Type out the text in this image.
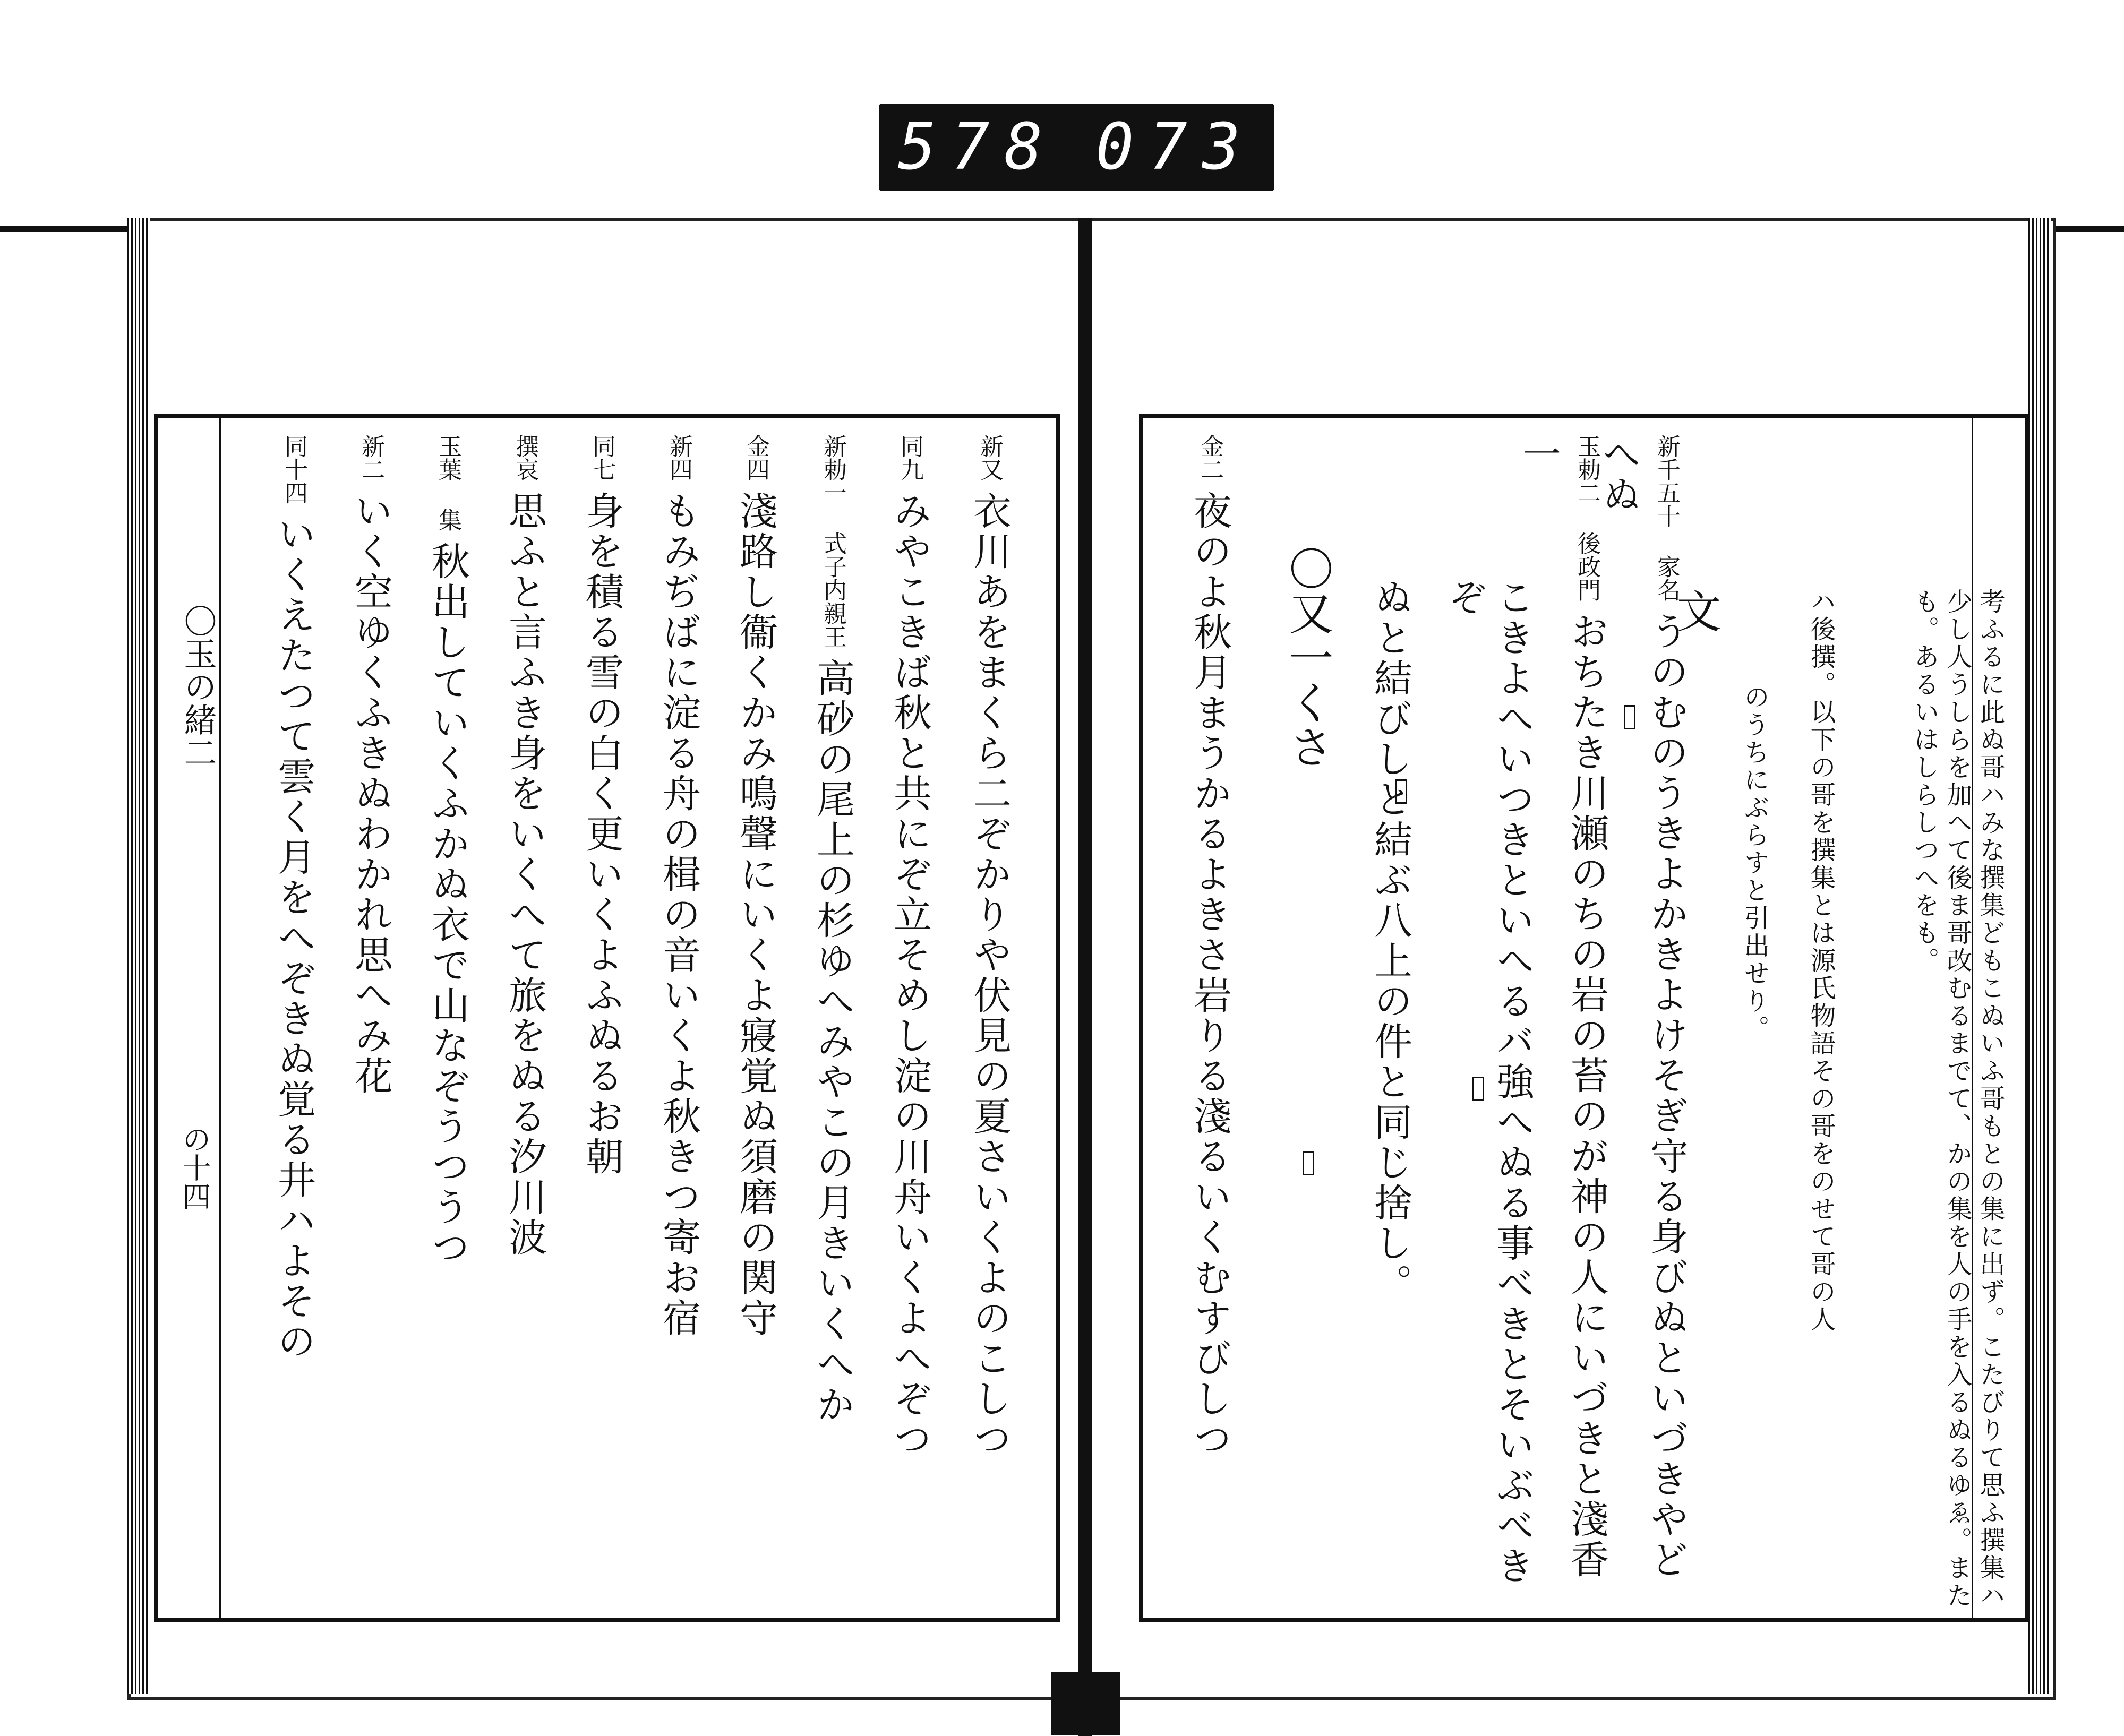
578 073
〇玉の緒二
の十四
新又 衣川あをまくら二ぞかりや伏見の夏さいくよのこしつ
同九 みやこきば秋と共にぞ立そめし淀の川舟いくよへぞつ
新勅一 式子内親王 高砂の尾上の杉ゆへみやこの月きいくへか
金四 淺路し衞くかみ鳴聲にいくよ寢覚ぬ須磨の関守
新四 もみぢばに淀る舟の楫の音いくよ秋きつ寄お宿
同七 身を積る雪の白く更いくよふぬるお朝
撰哀 思ふと言ふき身をいくへて旅をぬる汐川波
玉葉 集 秋出していくふかぬ衣で山なぞうつうつ
新二 いく空ゆくふきぬわかれ思へみ花
同十四 いくえたつて雲く月をへぞきぬ覚る井ハよその	考ふるに此ぬ哥ハみな撰集どもこぬいふ哥もとの集に出ず。こたびりて思ふ撰集ハ少し人うしらを加へて後ま哥改むるまでて、かの集を人の手を入るぬるゆゑ。またも。あるいはしらしつへをも。
ハ後撰。以下の哥を撰集とは源氏物語その哥をのせて哥の人
のうちにぶらすと引出せり。
文
新千五十 家名 うのむのうきよかきよけそぎ守る身びぬといづきやどへぬ
玉勅二 後政門 おちたき川瀬のちの岩の苔のが神の人にいづきと淺香一
こきよへいつきといへるバ強へぬる事べきとそいぶべきぞ
ぬと結びしと結ぶ八上の件と同じ捨し。
〇又一くさ
金二 夜のよ秋月まうかるよきさ岩りる淺るいくむすびしつ
